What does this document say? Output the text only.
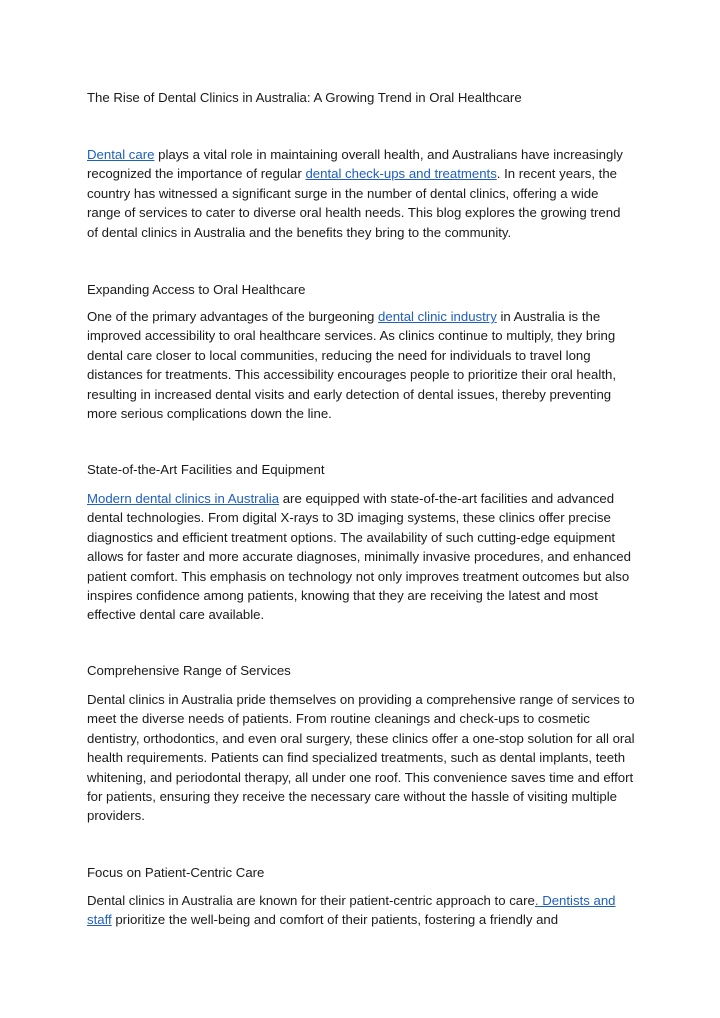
The Rise of Dental Clinics in Australia: A Growing Trend in Oral Healthcare

Dental care plays a vital role in maintaining overall health, and Australians have increasingly recognized the importance of regular dental check-ups and treatments. In recent years, the country has witnessed a significant surge in the number of dental clinics, offering a wide range of services to cater to diverse oral health needs. This blog explores the growing trend of dental clinics in Australia and the benefits they bring to the community.

Expanding Access to Oral Healthcare

One of the primary advantages of the burgeoning dental clinic industry in Australia is the improved accessibility to oral healthcare services. As clinics continue to multiply, they bring dental care closer to local communities, reducing the need for individuals to travel long distances for treatments. This accessibility encourages people to prioritize their oral health, resulting in increased dental visits and early detection of dental issues, thereby preventing more serious complications down the line.

State-of-the-Art Facilities and Equipment

Modern dental clinics in Australia are equipped with state-of-the-art facilities and advanced dental technologies. From digital X-rays to 3D imaging systems, these clinics offer precise diagnostics and efficient treatment options. The availability of such cutting-edge equipment allows for faster and more accurate diagnoses, minimally invasive procedures, and enhanced patient comfort. This emphasis on technology not only improves treatment outcomes but also inspires confidence among patients, knowing that they are receiving the latest and most effective dental care available.

Comprehensive Range of Services

Dental clinics in Australia pride themselves on providing a comprehensive range of services to meet the diverse needs of patients. From routine cleanings and check-ups to cosmetic dentistry, orthodontics, and even oral surgery, these clinics offer a one-stop solution for all oral health requirements. Patients can find specialized treatments, such as dental implants, teeth whitening, and periodontal therapy, all under one roof. This convenience saves time and effort for patients, ensuring they receive the necessary care without the hassle of visiting multiple providers.

Focus on Patient-Centric Care

Dental clinics in Australia are known for their patient-centric approach to care. Dentists and staff prioritize the well-being and comfort of their patients, fostering a friendly and
